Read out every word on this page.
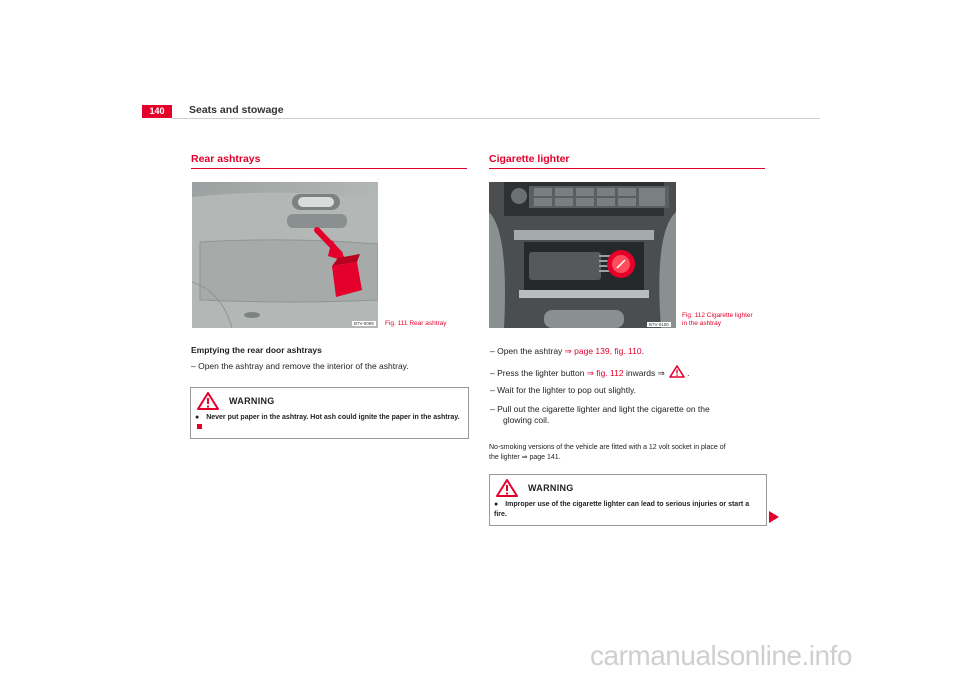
140	Seats and stowage
Rear ashtrays
B7V-0099	Fig. 111 Rear ashtray
Emptying the rear door ashtrays
– Open the ashtray and remove the interior of the ashtray.
WARNING
● Never put paper in the ashtray. Hot ash could ignite the paper in the ashtray.
Cigarette lighter
B7V-0100
Fig. 112 Cigarette lighter
in the ashtray
– Open the ashtray ⇒ page 139, fig. 110.
– Press the lighter button ⇒ fig. 112 inwards ⇒ .
– Wait for the lighter to pop out slightly.
– Pull out the cigarette lighter and light the cigarette on the
glowing coil.
No-smoking versions of the vehicle are fitted with a 12 volt socket in place of
the lighter ⇒ page 141.
WARNING
● Improper use of the cigarette lighter can lead to serious injuries or start a fire.
carmanualsonline.info
